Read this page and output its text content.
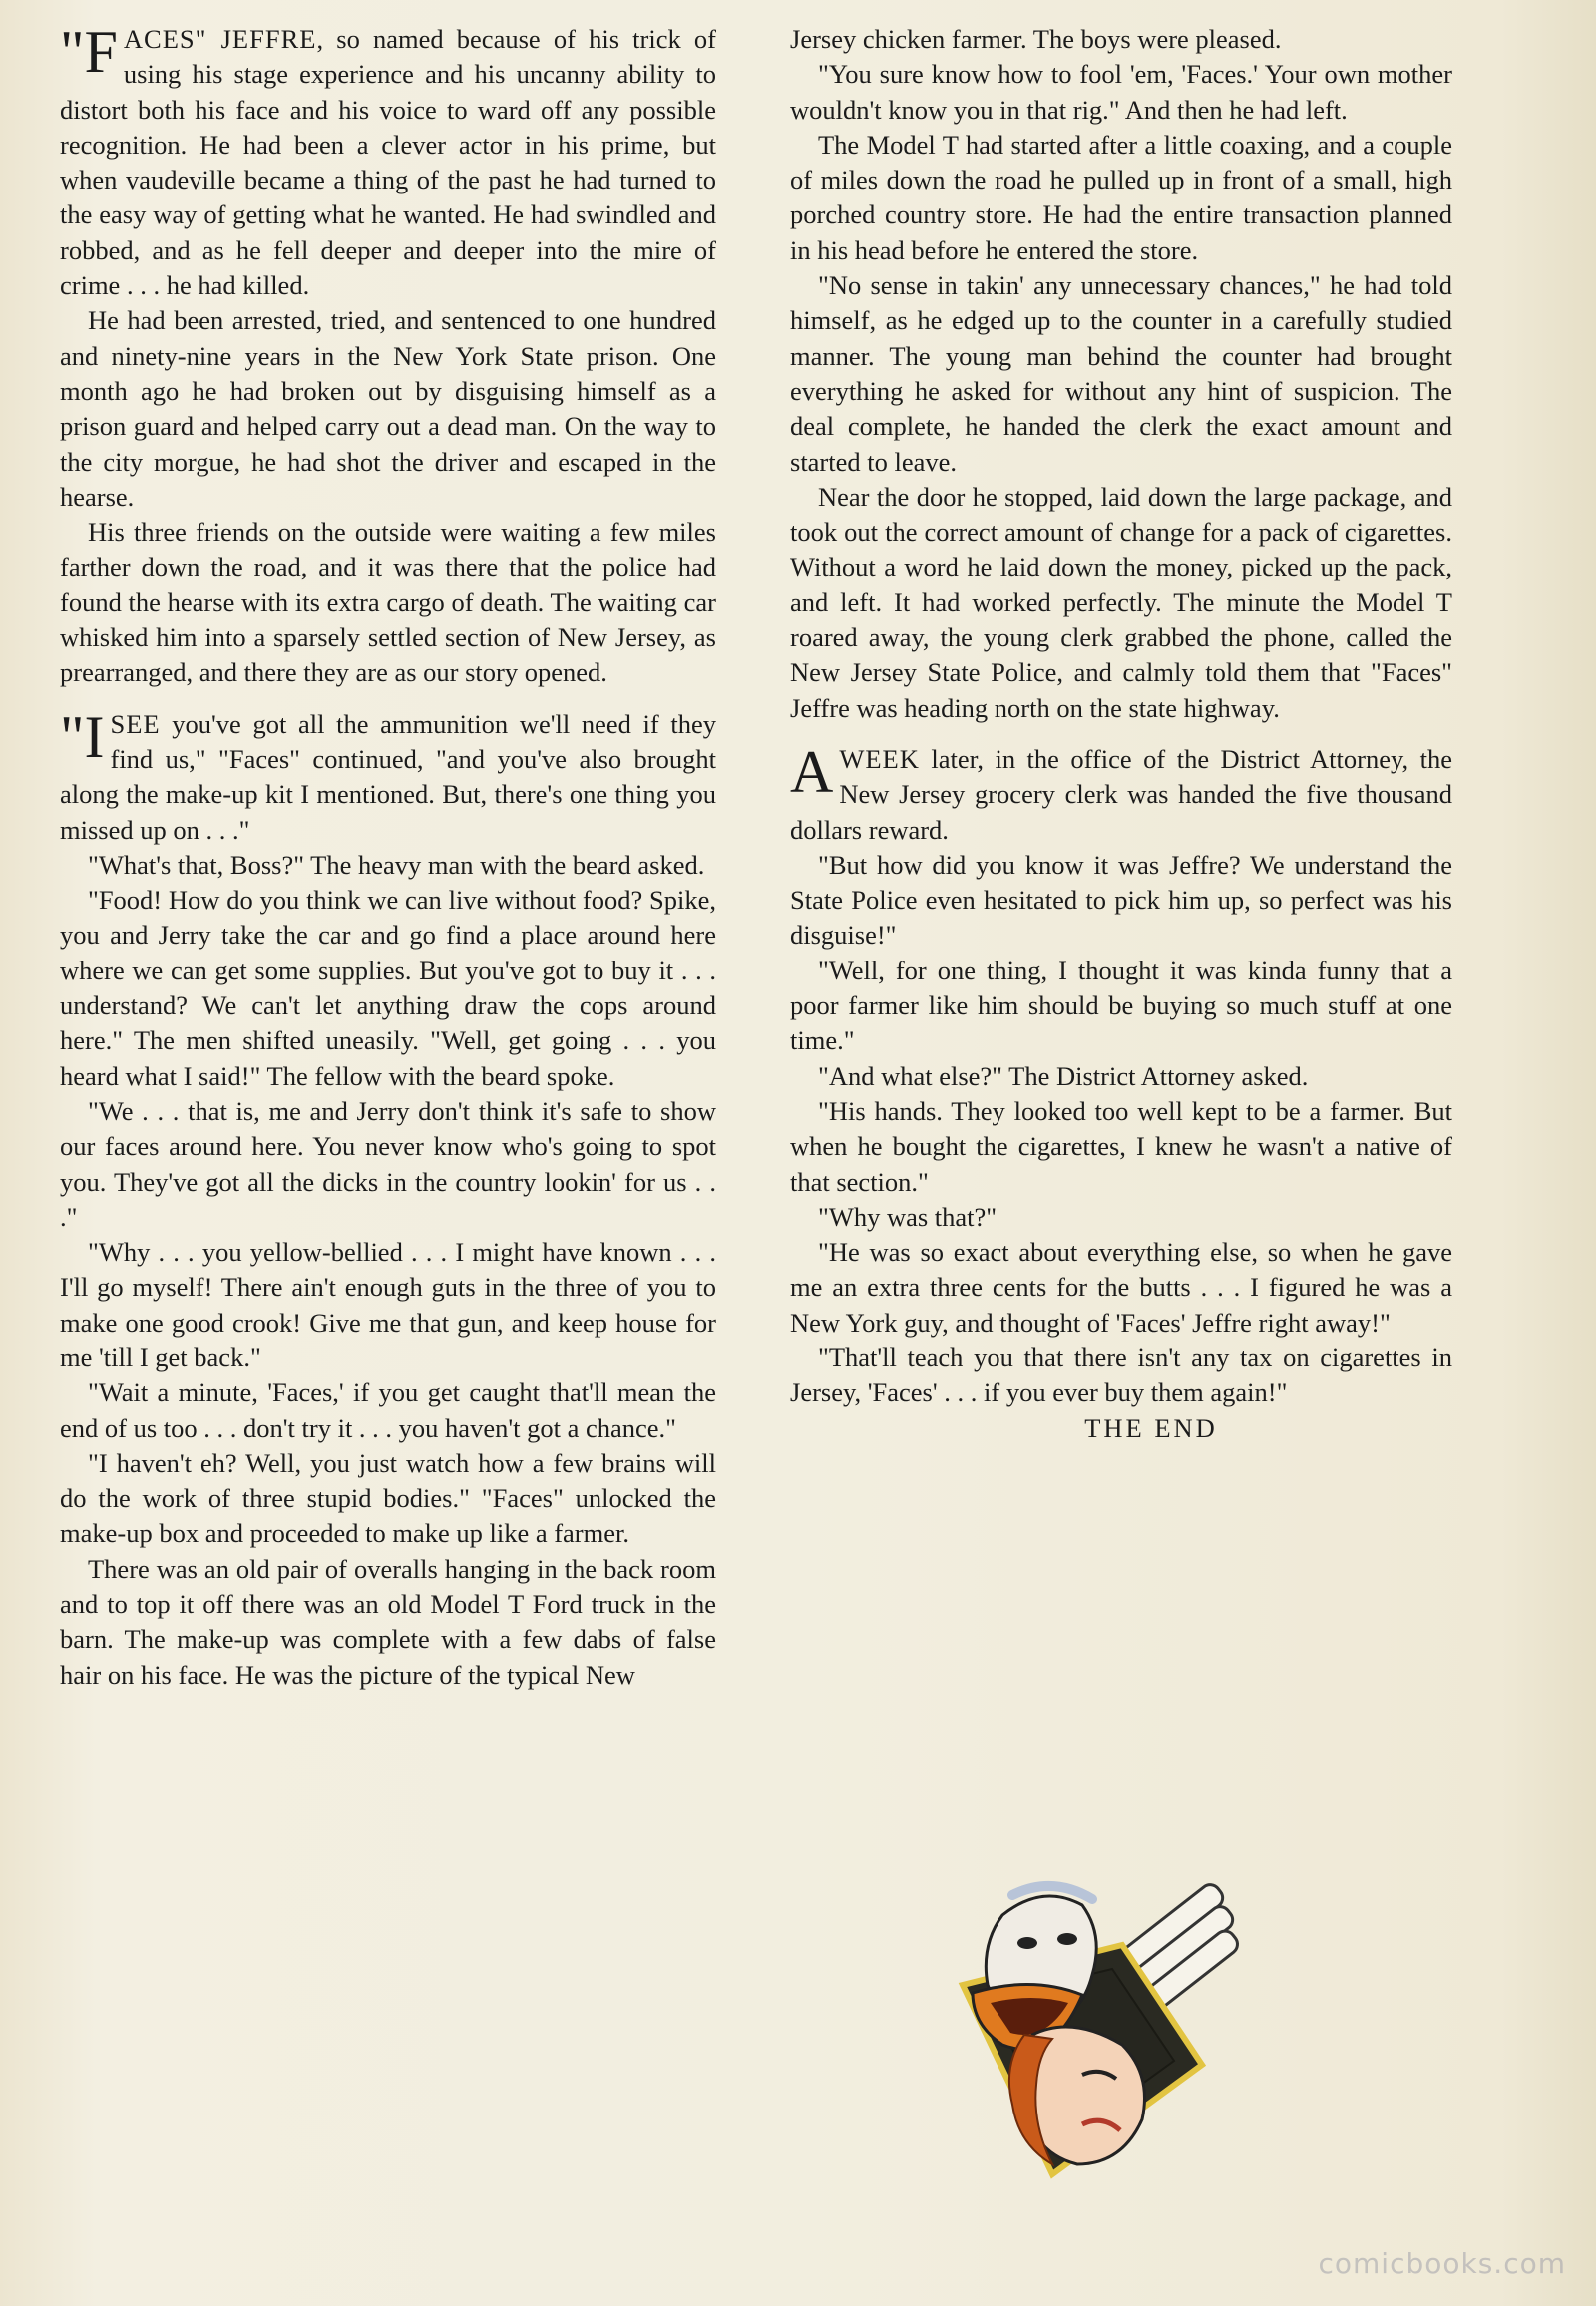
"F ACES" JEFFRE, so named because of his trick of using his stage experience and his uncanny ability to distort both his face and his voice to ward off any possible recognition. He had been a clever actor in his prime, but when vaudeville became a thing of the past he had turned to the easy way of getting what he wanted. He had swindled and robbed, and as he fell deeper and deeper into the mire of crime . . . he had killed.

He had been arrested, tried, and sentenced to one hundred and ninety-nine years in the New York State prison. One month ago he had broken out by disguising himself as a prison guard and helped carry out a dead man. On the way to the city morgue, he had shot the driver and escaped in the hearse.

His three friends on the outside were waiting a few miles farther down the road, and it was there that the police had found the hearse with its extra cargo of death. The waiting car whisked him into a sparsely settled section of New Jersey, as prearranged, and there they are as our story opened.

"I SEE you've got all the ammunition we'll need if they find us," "Faces" continued, "and you've also brought along the make-up kit I mentioned. But, there's one thing you missed up on . . ."

"What's that, Boss?" The heavy man with the beard asked.

"Food! How do you think we can live without food? Spike, you and Jerry take the car and go find a place around here where we can get some supplies. But you've got to buy it . . . understand? We can't let anything draw the cops around here." The men shifted uneasily. "Well, get going . . . you heard what I said!" The fellow with the beard spoke.

"We . . . that is, me and Jerry don't think it's safe to show our faces around here. You never know who's going to spot you. They've got all the dicks in the country lookin' for us . . ."

"Why . . . you yellow-bellied . . . I might have known . . . I'll go myself! There ain't enough guts in the three of you to make one good crook! Give me that gun, and keep house for me 'till I get back."

"Wait a minute, 'Faces,' if you get caught that'll mean the end of us too . . . don't try it . . . you haven't got a chance."

"I haven't eh? Well, you just watch how a few brains will do the work of three stupid bodies." "Faces" unlocked the make-up box and proceeded to make up like a farmer.

There was an old pair of overalls hanging in the back room and to top it off there was an old Model T Ford truck in the barn. The make-up was complete with a few dabs of false hair on his face. He was the picture of the typical New

Jersey chicken farmer. The boys were pleased.

"You sure know how to fool 'em, 'Faces.' Your own mother wouldn't know you in that rig." And then he had left.

The Model T had started after a little coaxing, and a couple of miles down the road he pulled up in front of a small, high porched country store. He had the entire transaction planned in his head before he entered the store.

"No sense in takin' any unnecessary chances," he had told himself, as he edged up to the counter in a carefully studied manner. The young man behind the counter had brought everything he asked for without any hint of suspicion. The deal complete, he handed the clerk the exact amount and started to leave.

Near the door he stopped, laid down the large package, and took out the correct amount of change for a pack of cigarettes. Without a word he laid down the money, picked up the pack, and left. It had worked perfectly. The minute the Model T roared away, the young clerk grabbed the phone, called the New Jersey State Police, and calmly told them that "Faces" Jeffre was heading north on the state highway.

A WEEK later, in the office of the District Attorney, the New Jersey grocery clerk was handed the five thousand dollars reward.

"But how did you know it was Jeffre? We understand the State Police even hesitated to pick him up, so perfect was his disguise!"

"Well, for one thing, I thought it was kinda funny that a poor farmer like him should be buying so much stuff at one time."

"And what else?" The District Attorney asked.

"His hands. They looked too well kept to be a farmer. But when he bought the cigarettes, I knew he wasn't a native of that section."

"Why was that?"

"He was so exact about everything else, so when he gave me an extra three cents for the butts . . . I figured he was a New York guy, and thought of 'Faces' Jeffre right away!"

"That'll teach you that there isn't any tax on cigarettes in Jersey, 'Faces' . . . if you ever buy them again!"

THE END

comicbooks.com
